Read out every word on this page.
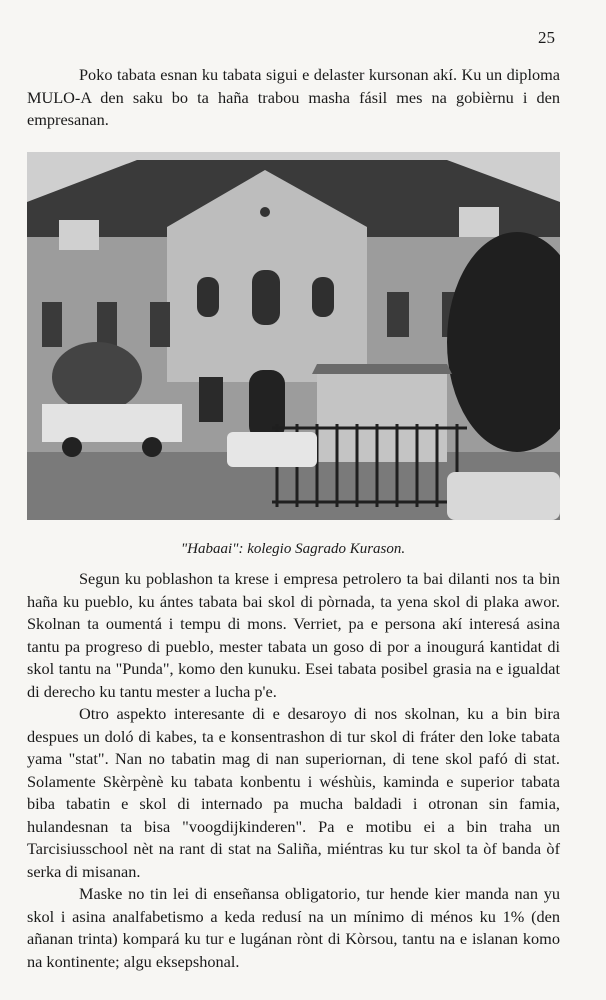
25

Poko tabata esnan ku tabata sigui e delaster kursonan akí. Ku un diploma MULO-A den saku bo ta haña trabou masha fásil mes na gobièrnu i den empresanan.

"Habaai": kolegio Sagrado Kurason.

Segun ku poblashon ta krese i empresa petrolero ta bai dilanti nos ta bin haña ku pueblo, ku ántes tabata bai skol di pòrnada, ta yena skol di plaka awor. Skolnan ta oumentá i tempu di mons. Verriet, pa e persona akí interesá asina tantu pa progreso di pueblo, mester tabata un goso di por a inougurá kantidat di skol tantu na "Punda", komo den kunuku. Esei tabata posibel grasia na e igualdat di derecho ku tantu mester a lucha p'e.

Otro aspekto interesante di e desaroyo di nos skolnan, ku a bin bira despues un doló di kabes, ta e konsentrashon di tur skol di fráter den loke tabata yama "stat". Nan no tabatin mag di nan superiornan, di tene skol pafó di stat. Solamente Skèrpènè ku tabata konbentu i wéshùis, kaminda e superior tabata biba tabatin e skol di internado pa mucha baldadi i otronan sin famia, hulandesnan ta bisa "voogdijkinderen". Pa e motibu ei a bin traha un Tarcisiusschool nèt na rant di stat na Saliña, miéntras ku tur skol ta òf banda òf serka di misanan.

Maske no tin lei di enseñansa obligatorio, tur hende kier manda nan yu skol i asina analfabetismo a keda redusí na un mínimo di ménos ku 1% (den añanan trinta) kompará ku tur e lugánan rònt di Kòrsou, tantu na e islanan komo na kontinente; algu eksepshonal.
